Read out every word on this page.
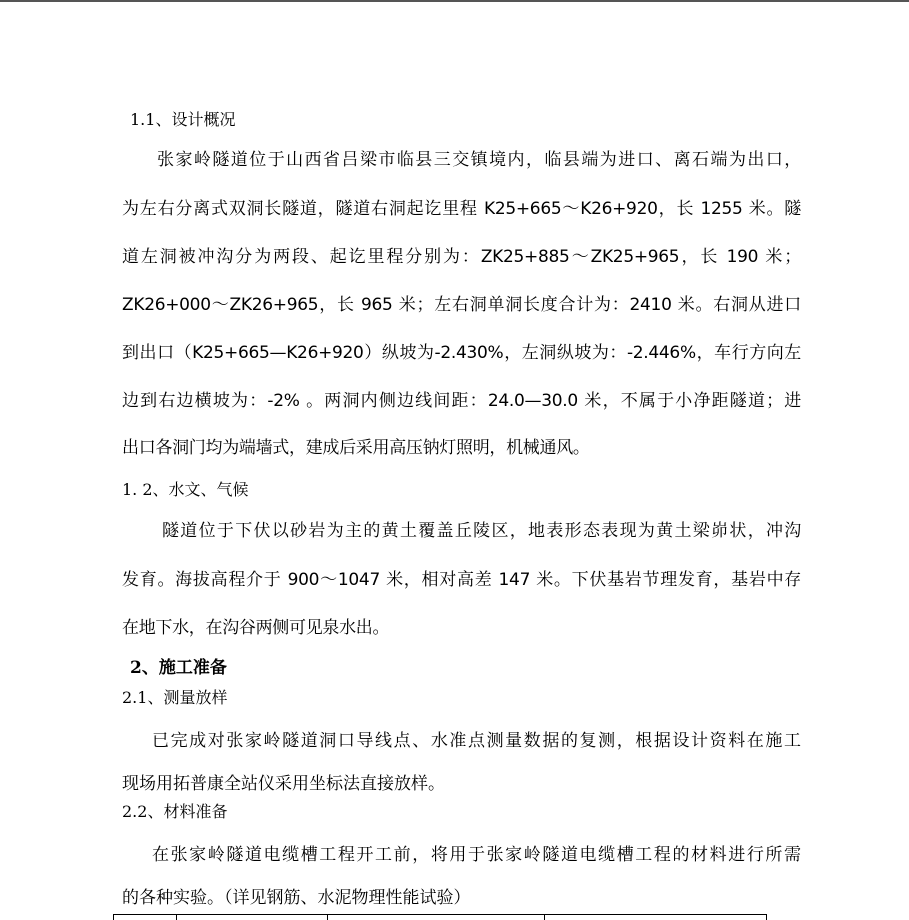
1.1、设计概况
张家岭隧道位于山西省吕梁市临县三交镇境内，临县端为进口、离石端为出口，
为左右分离式双洞长隧道，隧道右洞起讫里程 K25+665～K26+920，长 1255 米。隧
道左洞被冲沟分为两段、起讫里程分别为：ZK25+885～ZK25+965，长 190 米；
ZK26+000～ZK26+965，长 965 米；左右洞单洞长度合计为：2410 米。右洞从进口
到出口（K25+665—K26+920）纵坡为-2.430%，左洞纵坡为：-2.446%，车行方向左
边到右边横坡为：-2% 。两洞内侧边线间距：24.0—30.0 米，不属于小净距隧道；进
出口各洞门均为端墙式，建成后采用高压钠灯照明，机械通风。
1. 2、水文、气候
隧道位于下伏以砂岩为主的黄土覆盖丘陵区，地表形态表现为黄土梁峁状，冲沟
发育。海拔高程介于 900～1047 米，相对高差 147 米。下伏基岩节理发育，基岩中存
在地下水，在沟谷两侧可见泉水出。
2、施工准备
2.1、测量放样
已完成对张家岭隧道洞口导线点、水准点测量数据的复测，根据设计资料在施工
现场用拓普康全站仪采用坐标法直接放样。
2.2、材料准备
在张家岭隧道电缆槽工程开工前，将用于张家岭隧道电缆槽工程的材料进行所需
的各种实验。（详见钢筋、水泥物理性能试验）
